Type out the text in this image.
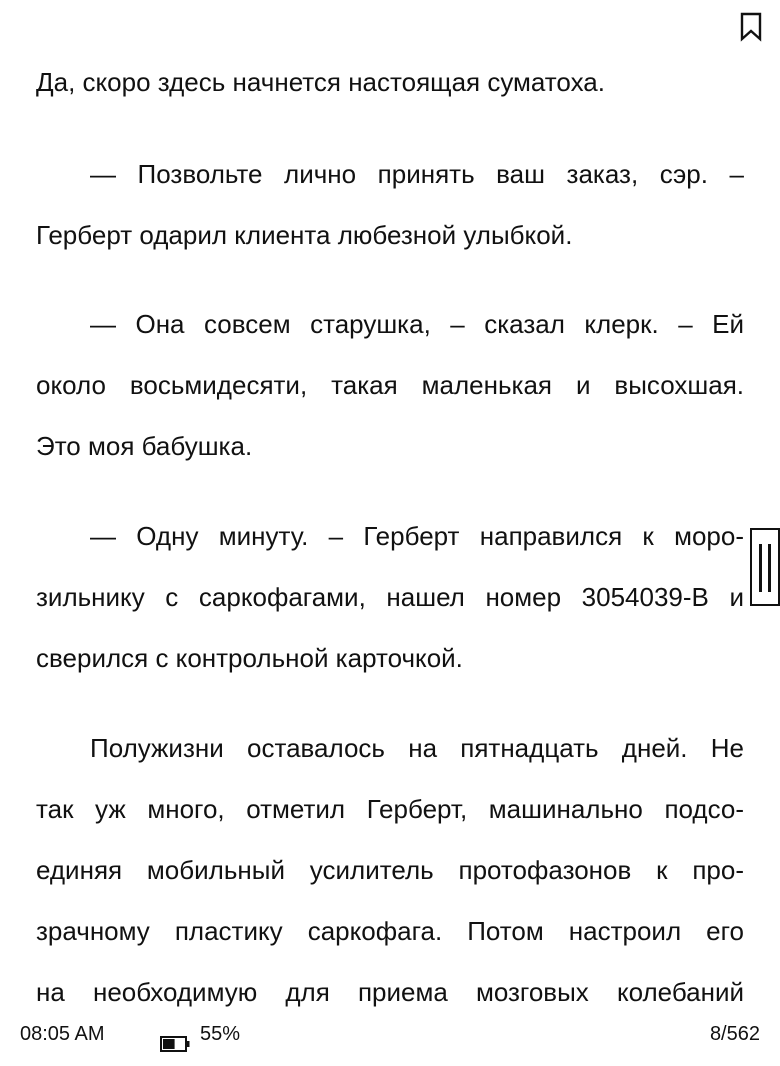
Да, скоро здесь начнется настоящая суматоха.

— Позвольте лично принять ваш заказ, сэр. –

Герберт одарил клиента любезной улыбкой.

— Она совсем старушка, – сказал клерк. – Ей

около восьмидесяти, такая маленькая и высохшая.

Это моя бабушка.

— Одну минуту. – Герберт направился к моро-

зильнику с саркофагами, нашел номер 3054039-В и

сверился с контрольной карточкой.

Полужизни оставалось на пятнадцать дней. Не

так уж много, отметил Герберт, машинально подсо-

единяя мобильный усилитель протофазонов к про-

зрачному пластику саркофага. Потом настроил его

на необходимую для приема мозговых колебаний

08:05 AM	55%	8/562
